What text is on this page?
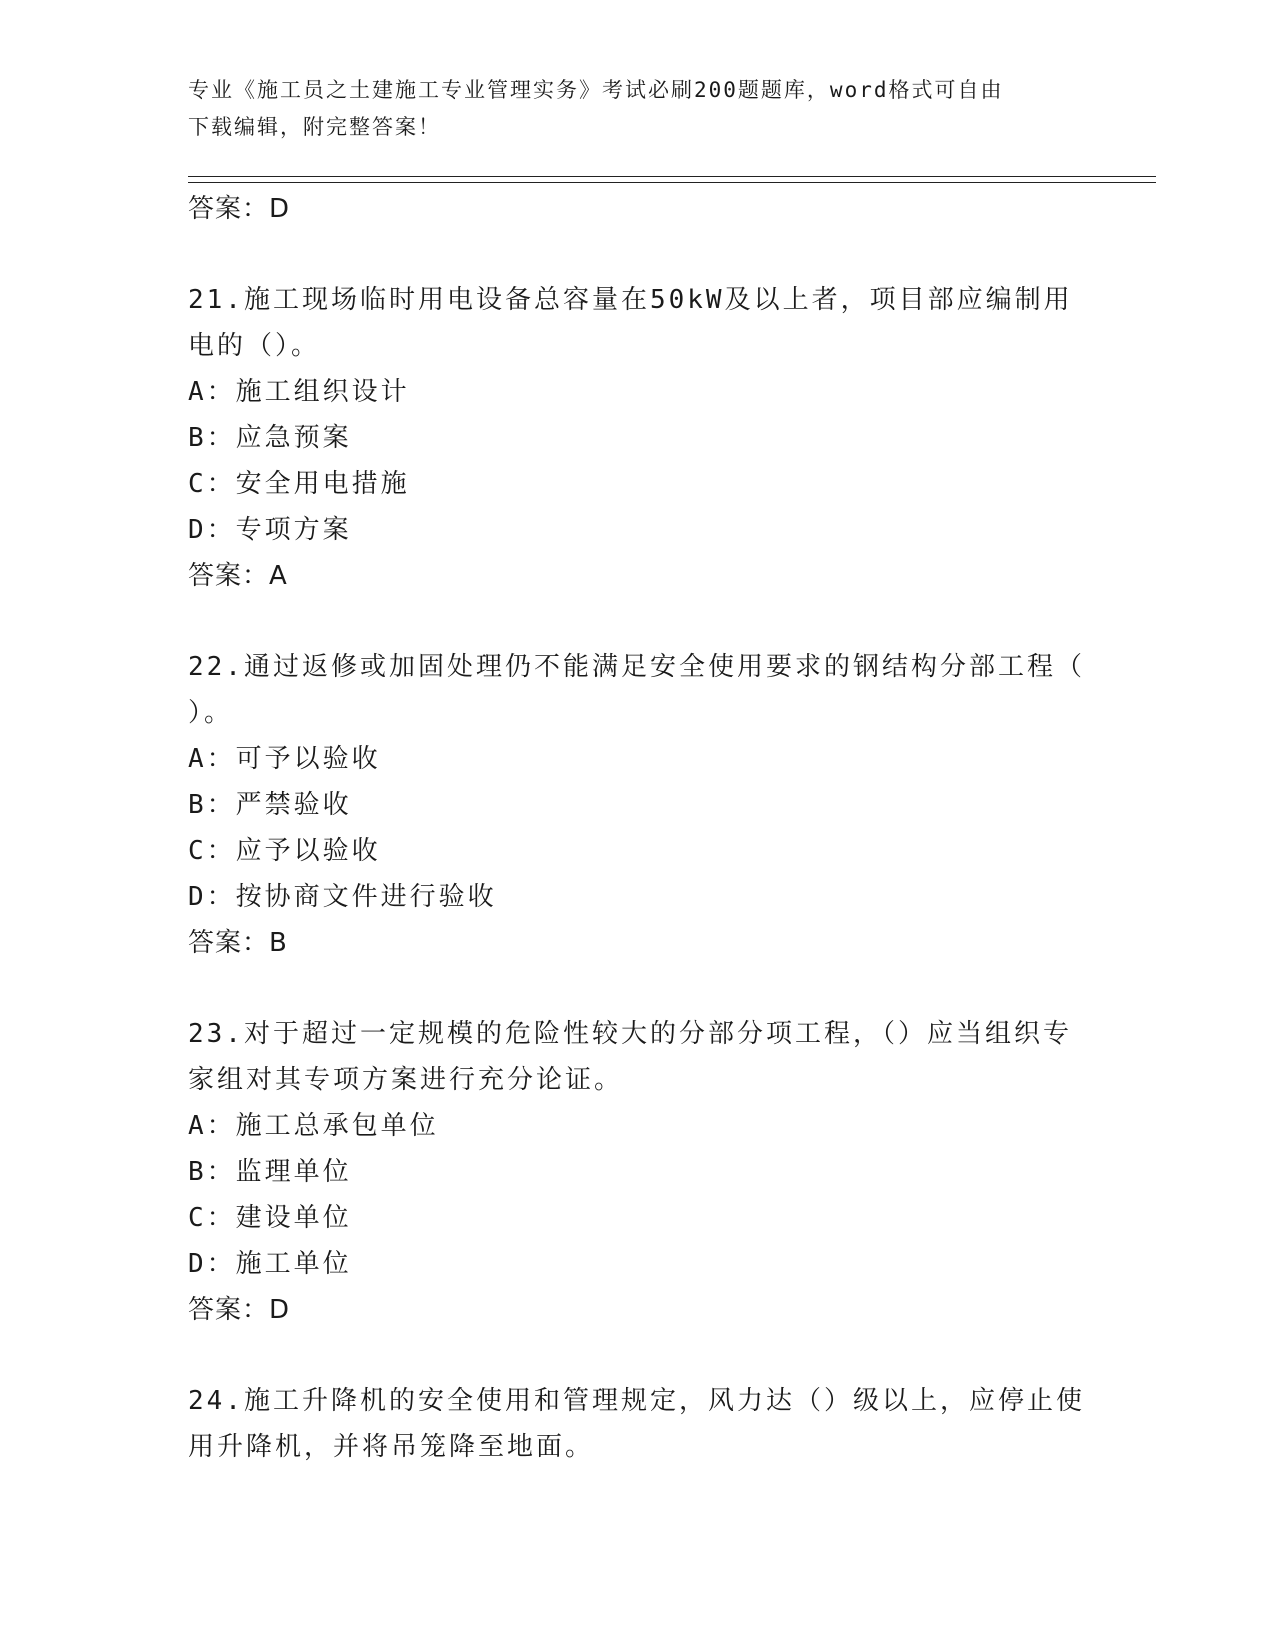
专业《施工员之土建施工专业管理实务》考试必刷200题题库，word格式可自由
下载编辑，附完整答案！
答案：D
21.施工现场临时用电设备总容量在50kW及以上者，项目部应编制用
电的（）。
A：施工组织设计
B：应急预案
C：安全用电措施
D：专项方案
答案：A
22.通过返修或加固处理仍不能满足安全使用要求的钢结构分部工程（
）。
A：可予以验收
B：严禁验收
C：应予以验收
D：按协商文件进行验收
答案：B
23.对于超过一定规模的危险性较大的分部分项工程，（）应当组织专
家组对其专项方案进行充分论证。
A：施工总承包单位
B：监理单位
C：建设单位
D：施工单位
答案：D
24.施工升降机的安全使用和管理规定，风力达（）级以上，应停止使
用升降机，并将吊笼降至地面。
